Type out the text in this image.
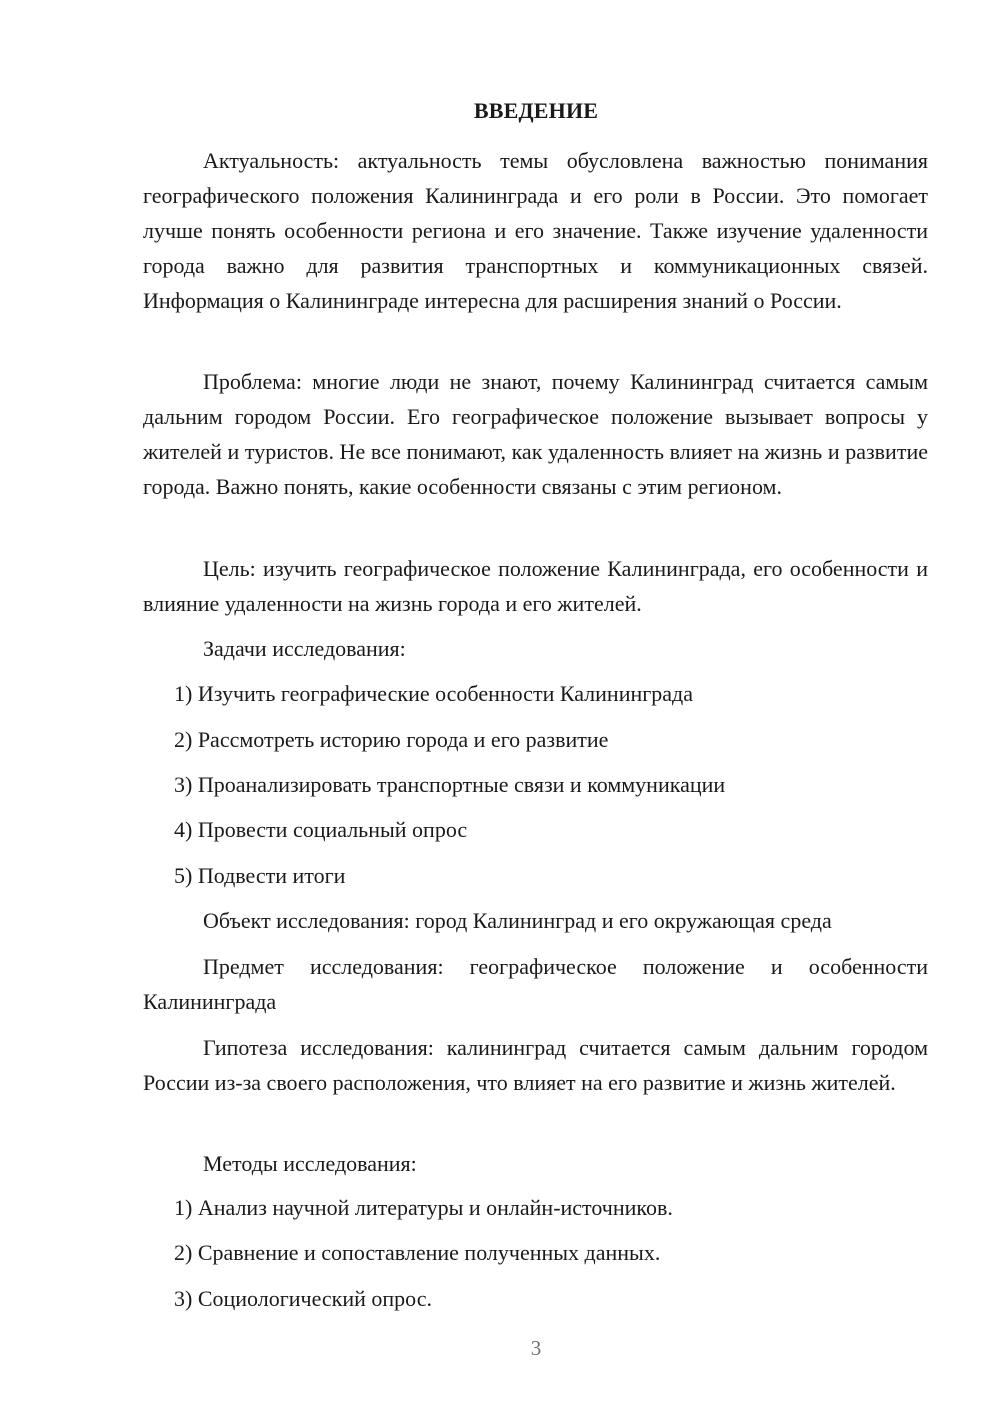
ВВЕДЕНИЕ

Актуальность: актуальность темы обусловлена важностью понимания географического положения Калининграда и его роли в России. Это помогает лучше понять особенности региона и его значение. Также изучение удаленности города важно для развития транспортных и коммуникационных связей. Информация о Калининграде интересна для расширения знаний о России.

Проблема: многие люди не знают, почему Калининград считается самым дальним городом России. Его географическое положение вызывает вопросы у жителей и туристов. Не все понимают, как удаленность влияет на жизнь и развитие города. Важно понять, какие особенности связаны с этим регионом.

Цель: изучить географическое положение Калининграда, его особенности и влияние удаленности на жизнь города и его жителей.

Задачи исследования:
1) Изучить географические особенности Калининграда
2) Рассмотреть историю города и его развитие
3) Проанализировать транспортные связи и коммуникации
4) Провести социальный опрос
5) Подвести итоги
Объект исследования: город Калининград и его окружающая среда

Предмет исследования: географическое положение и особенности Калининграда

Гипотеза исследования: калининград считается самым дальним городом России из-за своего расположения, что влияет на его развитие и жизнь жителей.

Методы исследования:
1) Анализ научной литературы и онлайн-источников.
2) Сравнение и сопоставление полученных данных.
3) Социологический опрос.
3
